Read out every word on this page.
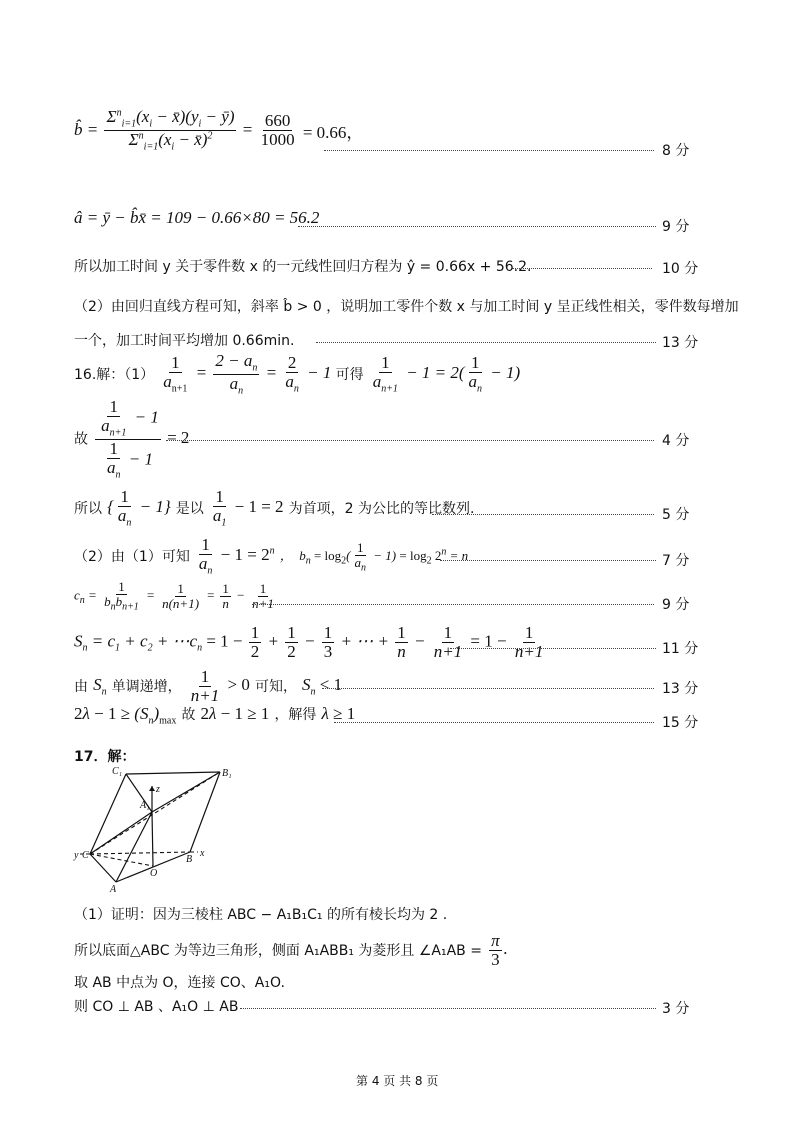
b̂ = $\frac{\Sigma^n_{i=1}(x_i - x̄)(y_i - ȳ)}{\Sigma^n_{i=1}(x_i - x̄)^2} = \frac{660}{1000} = 0.66$，
8 分
â = ȳ − b̂x̄ = 109 − 0.66×80 = 56.2	9 分
所以加工时间 y 关于零件数 x 的一元线性回归方程为 ŷ = 0.66x + 56.2.	10 分
（2）由回归直线方程可知，斜率 b̂ > 0 ，说明加工零件个数 x 与加工时间 y 呈正线性相关，零件数每增加
一个，加工时间平均增加 0.66min.	13 分
16.解：$(1) \frac{1}{a_{n+1}} = \frac{2 - a_n}{a_n} = \frac{2}{a_n} - 1$ 可得 $\frac{1}{a_{n+1}} - 1 = 2( \frac{1}{a_n} - 1)$
故 $\frac{\frac{1}{a_{n+1}} - 1}{\frac{1}{a_n} - 1} = 2$	4 分
所以 { $\frac{1}{a_n} - 1$} 是以 $\frac{1}{a_1} - 1 = 2$ 为首项，2 为公比的等比数列.	5 分
（2）由（1）可知 $\frac{1}{a_n} - 1 = 2^n$ ，  $b_n = \log_2( \frac{1}{a_n} - 1) = \log_2 2^n = n$	7 分
$c_n = \frac{1}{b_nb_{n+1}} = \frac{1}{n(n+1)} = \frac{1}{n} - \frac{1}{n+1}$	9 分
$S_n = c_1 + c_2$ + $\cdots c_n = 1 - \frac{1}{2} + \frac{1}{2} - \frac{1}{3}$ + ⋯ + $\frac{1}{n} - \frac{1}{n+1} = 1 - \frac{1}{n+1}$	11 分
由 $S_n$ 单调递增， $\frac{1}{n+1} > 0$ 可知， $S_n < 1$	13 分
$2\lambda - 1 \ge (S_n)_{max}$ 故 2λ − 1 ≥ 1 ，解得 λ ≥ 1	15 分
17．解：
C₁	B₁
A₁
z
y C	B
x
O
A
（1）证明：因为三棱柱 ABC − A₁B₁C₁ 的所有棱长均为 2 .
所以底面△ABC 为等边三角形，侧面 A₁ABB₁ 为菱形且 ∠A₁AB = $\frac{\pi}{3}$ .
取 AB 中点为 O，连接 CO、A₁O.
则 CO ⊥ AB 、A₁O ⊥ AB	3 分
第 4 页 共 8 页
